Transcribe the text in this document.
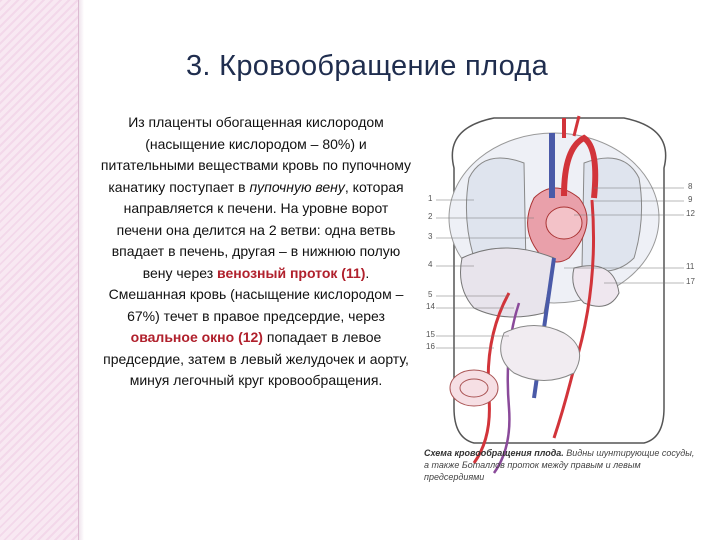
3. Кровообращение плода
Из плаценты обогащенная кислородом (насыщение кислородом – 80%) и питательными веществами кровь по пупочному канатику поступает в пупочную вену, которая направляется к печени. На уровне ворот печени она делится на 2 ветви: одна ветвь впадает в печень, другая – в нижнюю полую вену через венозный проток (11).
Смешанная кровь (насыщение кислородом – 67%) течет в правое предсердие, через овальное окно (12) попадает в левое предсердие, затем в левый желудочек и аорту, минуя легочный круг кровообращения.
1
2
3
4
5
14
15
16
8
9
12
11
17
Схема кровообращения плода. Видны шунтирующие сосуды, а также Боталлов проток между правым и левым предсердиями
